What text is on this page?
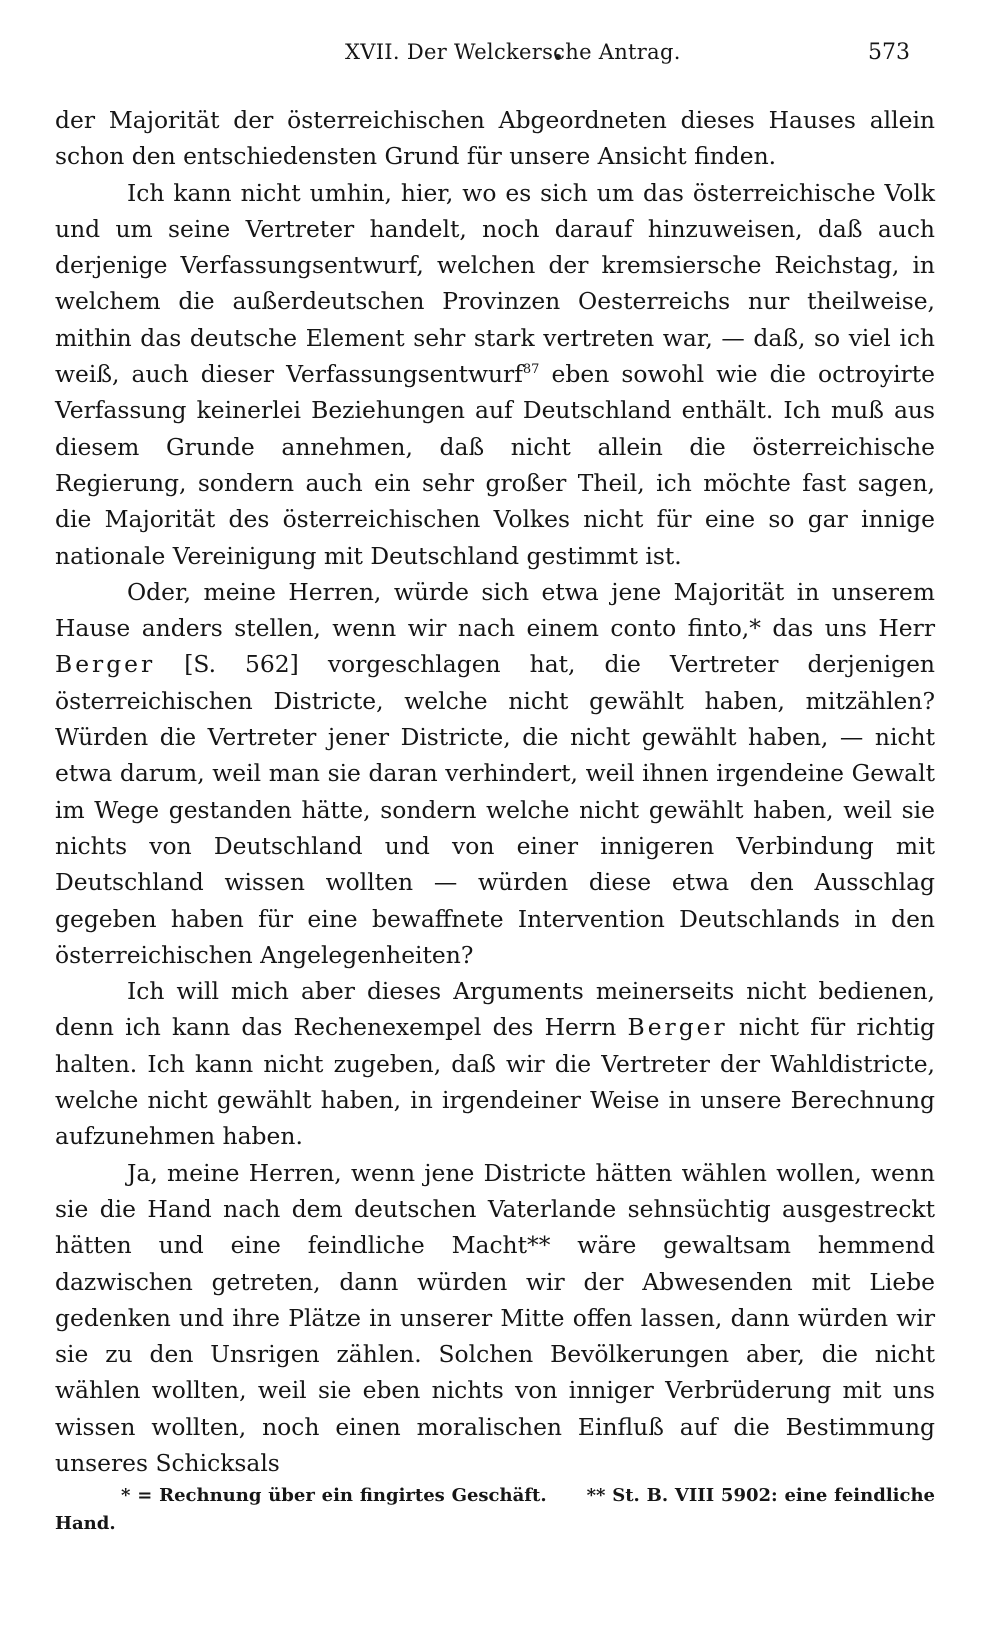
XVII. Der Welckersche Antrag.	573

der Majorität der österreichischen Abgeordneten dieses Hauses allein schon den entschiedensten Grund für unsere Ansicht finden.

Ich kann nicht umhin, hier, wo es sich um das österreichische Volk und um seine Vertreter handelt, noch darauf hinzuweisen, daß auch derjenige Verfassungsentwurf, welchen der kremsiersche Reichstag, in welchem die außerdeutschen Provinzen Oesterreichs nur theilweise, mithin das deutsche Element sehr stark vertreten war, — daß, so viel ich weiß, auch dieser Verfassungsentwurf$^{87}$ eben sowohl wie die octroyirte Verfassung keinerlei Beziehungen auf Deutschland enthält. Ich muß aus diesem Grunde annehmen, daß nicht allein die österreichische Regierung, sondern auch ein sehr großer Theil, ich möchte fast sagen, die Majorität des österreichischen Volkes nicht für eine so gar innige nationale Vereinigung mit Deutschland gestimmt ist.

Oder, meine Herren, würde sich etwa jene Majorität in unserem Hause anders stellen, wenn wir nach einem conto finto,* das uns Herr Berger [S. 562] vorgeschlagen hat, die Vertreter derjenigen österreichischen Districte, welche nicht gewählt haben, mitzählen? Würden die Vertreter jener Districte, die nicht gewählt haben, — nicht etwa darum, weil man sie daran verhindert, weil ihnen irgendeine Gewalt im Wege gestanden hätte, sondern welche nicht gewählt haben, weil sie nichts von Deutschland und von einer innigeren Verbindung mit Deutschland wissen wollten — würden diese etwa den Ausschlag gegeben haben für eine bewaffnete Intervention Deutschlands in den österreichischen Angelegenheiten?

Ich will mich aber dieses Arguments meinerseits nicht bedienen, denn ich kann das Rechenexempel des Herrn Berger nicht für richtig halten. Ich kann nicht zugeben, daß wir die Vertreter der Wahldistricte, welche nicht gewählt haben, in irgendeiner Weise in unsere Berechnung aufzunehmen haben.

Ja, meine Herren, wenn jene Districte hätten wählen wollen, wenn sie die Hand nach dem deutschen Vaterlande sehnsüchtig ausgestreckt hätten und eine feindliche Macht** wäre gewaltsam hemmend dazwischen getreten, dann würden wir der Abwesenden mit Liebe gedenken und ihre Plätze in unserer Mitte offen lassen, dann würden wir sie zu den Unsrigen zählen. Solchen Bevölkerungen aber, die nicht wählen wollten, weil sie eben nichts von inniger Verbrüderung mit uns wissen wollten, noch einen moralischen Einfluß auf die Bestimmung unseres Schicksals

* = Rechnung über ein fingirtes Geschäft. ** St. B. VIII 5902: eine feindliche Hand.
